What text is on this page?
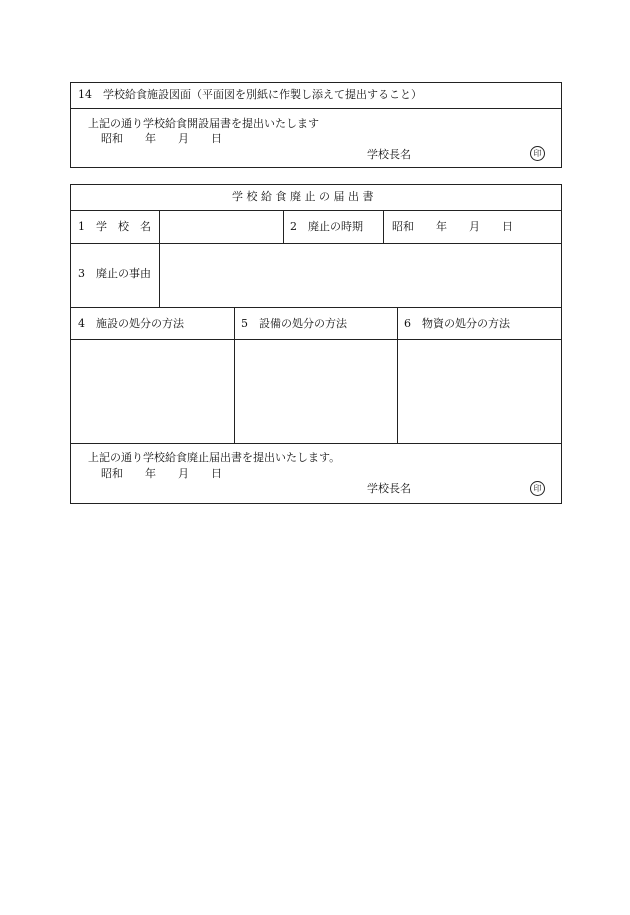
14　学校給食施設図面（平面図を別紙に作製し添えて提出すること）
上記の通り学校給食開設届書を提出いたします
昭和　　年　　月　　日
学校長名	印
学 校 給 食 廃 止 の 届 出 書
1　学　校　名	2　廃止の時期	昭和　　年　　月　　日
3　廃止の事由
4　施設の処分の方法	5　設備の処分の方法	6　物資の処分の方法
上記の通り学校給食廃止届出書を提出いたします。
昭和　　年　　月　　日
学校長名	印
